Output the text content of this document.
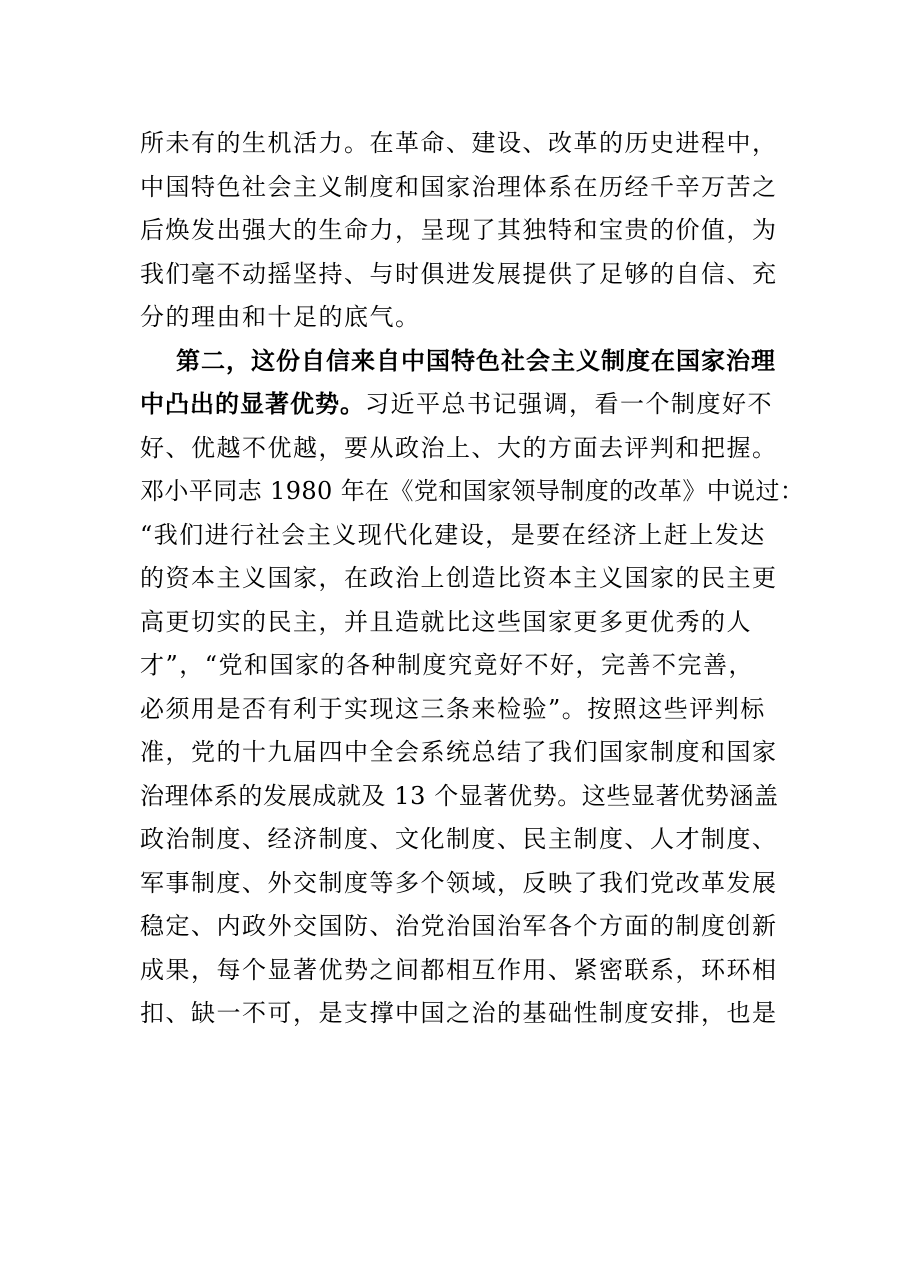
所未有的生机活力。在革命、建设、改革的历史进程中，
中国特色社会主义制度和国家治理体系在历经千辛万苦之
后焕发出强大的生命力，呈现了其独特和宝贵的价值，为
我们毫不动摇坚持、与时俱进发展提供了足够的自信、充
分的理由和十足的底气。
第二，这份自信来自中国特色社会主义制度在国家治理
中凸出的显著优势。习近平总书记强调，看一个制度好不
好、优越不优越，要从政治上、大的方面去评判和把握。
邓小平同志 1980 年在《党和国家领导制度的改革》中说过：
“我们进行社会主义现代化建设，是要在经济上赶上发达
的资本主义国家，在政治上创造比资本主义国家的民主更
高更切实的民主，并且造就比这些国家更多更优秀的人
才”，“党和国家的各种制度究竟好不好，完善不完善，
必须用是否有利于实现这三条来检验”。按照这些评判标
准，党的十九届四中全会系统总结了我们国家制度和国家
治理体系的发展成就及 13 个显著优势。这些显著优势涵盖
政治制度、经济制度、文化制度、民主制度、人才制度、
军事制度、外交制度等多个领域，反映了我们党改革发展
稳定、内政外交国防、治党治国治军各个方面的制度创新
成果，每个显著优势之间都相互作用、紧密联系，环环相
扣、缺一不可，是支撑中国之治的基础性制度安排，也是
